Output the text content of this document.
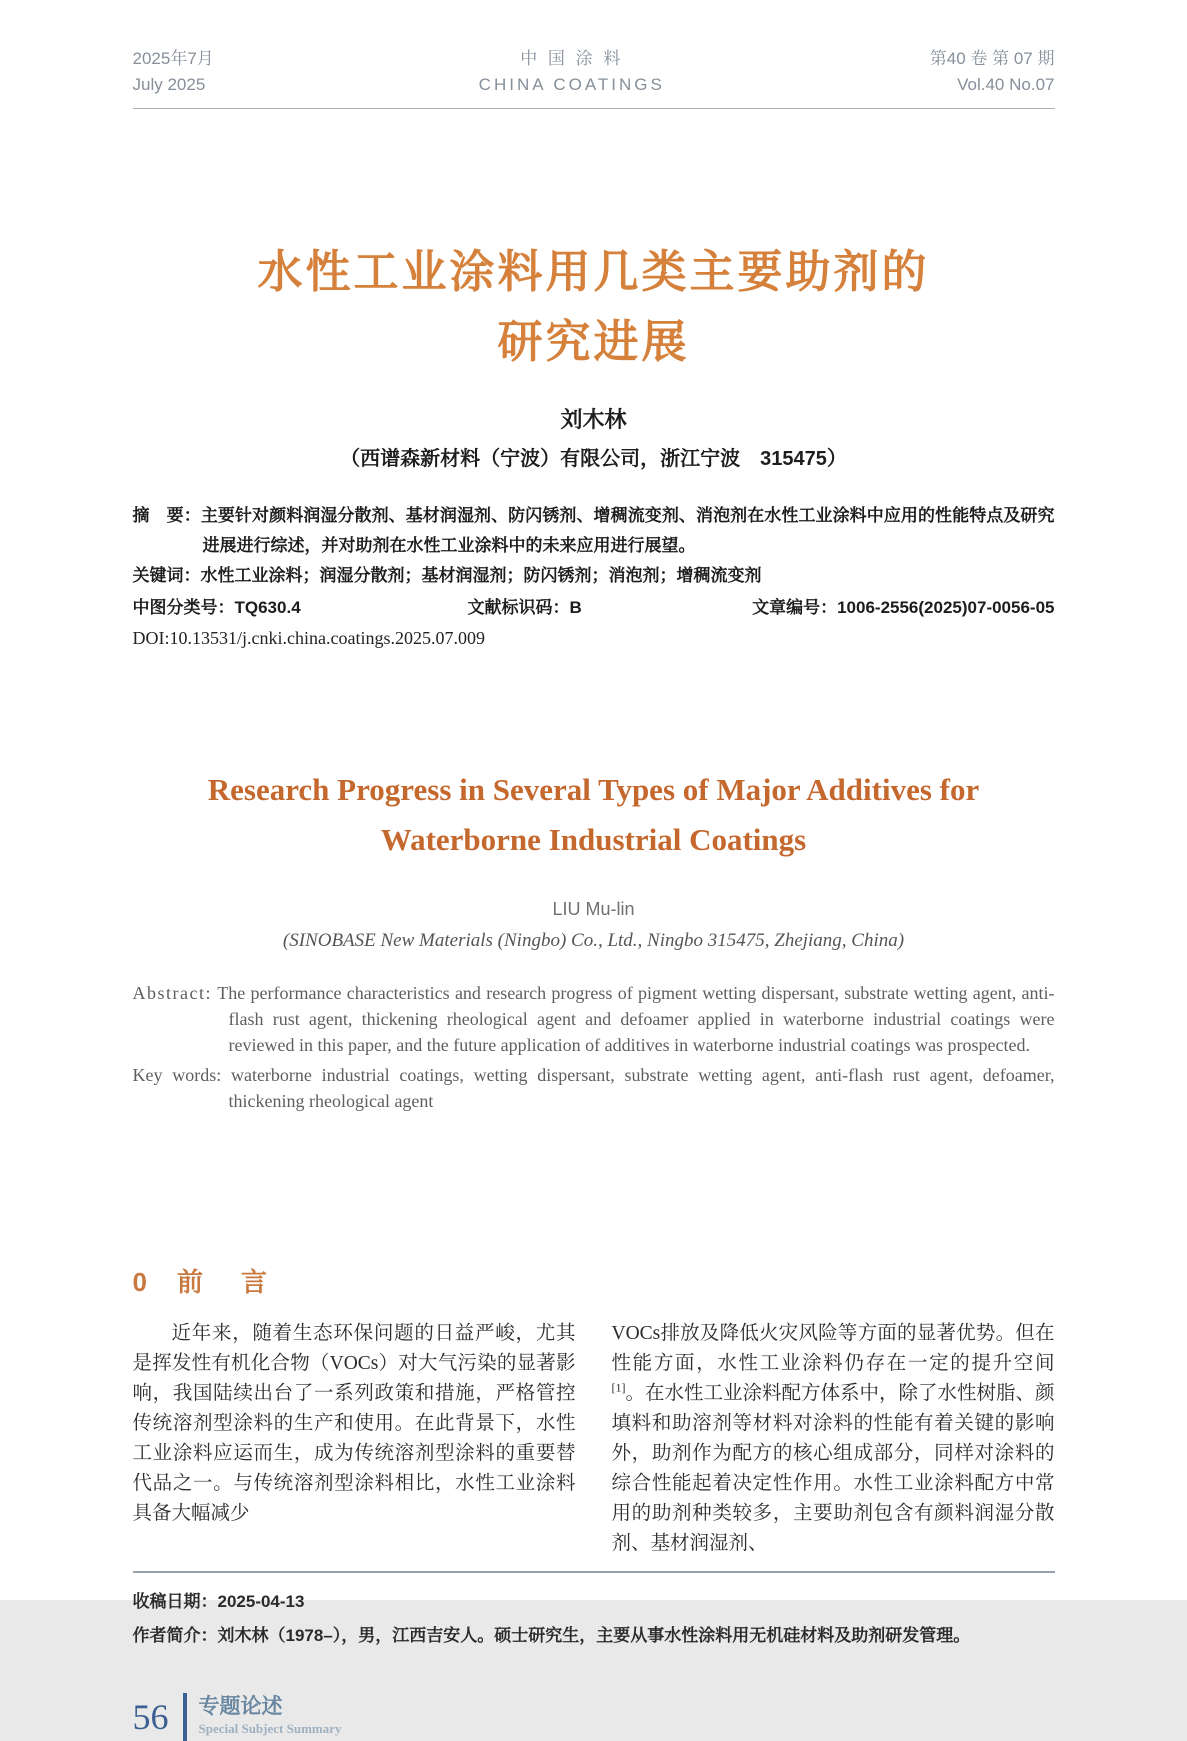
2025年7月
July 2025
中 国 涂 料
CHINA COATINGS
第40 卷 第 07 期
Vol.40 No.07
水性工业涂料用几类主要助剂的
研究进展
刘木林
（西谱森新材料（宁波）有限公司，浙江宁波　315475）

摘　要：主要针对颜料润湿分散剂、基材润湿剂、防闪锈剂、增稠流变剂、消泡剂在水性工业涂料中应用的性能特点及研究进展进行综述，并对助剂在水性工业涂料中的未来应用进行展望。

关键词：水性工业涂料；润湿分散剂；基材润湿剂；防闪锈剂；消泡剂；增稠流变剂

中图分类号：TQ630.4	文献标识码：B	文章编号：1006-2556(2025)07-0056-05

DOI:10.13531/j.cnki.china.coatings.2025.07.009

Research Progress in Several Types of Major Additives for
Waterborne Industrial Coatings
LIU Mu-lin
(SINOBASE New Materials (Ningbo) Co., Ltd., Ningbo 315475, Zhejiang, China)

Abstract: The performance characteristics and research progress of pigment wetting dispersant, substrate wetting agent, anti-flash rust agent, thickening rheological agent and defoamer applied in waterborne industrial coatings were reviewed in this paper, and the future application of additives in waterborne industrial coatings was prospected.

Key words: waterborne industrial coatings, wetting dispersant, substrate wetting agent, anti-flash rust agent, defoamer, thickening rheological agent

0 前　言
近年来，随着生态环保问题的日益严峻，尤其是挥发性有机化合物（VOCs）对大气污染的显著影响，我国陆续出台了一系列政策和措施，严格管控传统溶剂型涂料的生产和使用。在此背景下，水性工业涂料应运而生，成为传统溶剂型涂料的重要替代品之一。与传统溶剂型涂料相比，水性工业涂料具备大幅减少
VOCs排放及降低火灾风险等方面的显著优势。但在性能方面，水性工业涂料仍存在一定的提升空间[1]。在水性工业涂料配方体系中，除了水性树脂、颜填料和助溶剂等材料对涂料的性能有着关键的影响外，助剂作为配方的核心组成部分，同样对涂料的综合性能起着决定性作用。水性工业涂料配方中常用的助剂种类较多，主要助剂包含有颜料润湿分散剂、基材润湿剂、

收稿日期：2025-04-13

作者简介：刘木林（1978–），男，江西吉安人。硕士研究生，主要从事水性涂料用无机硅材料及助剂研发管理。

56 专题论述
Special Subject Summary
